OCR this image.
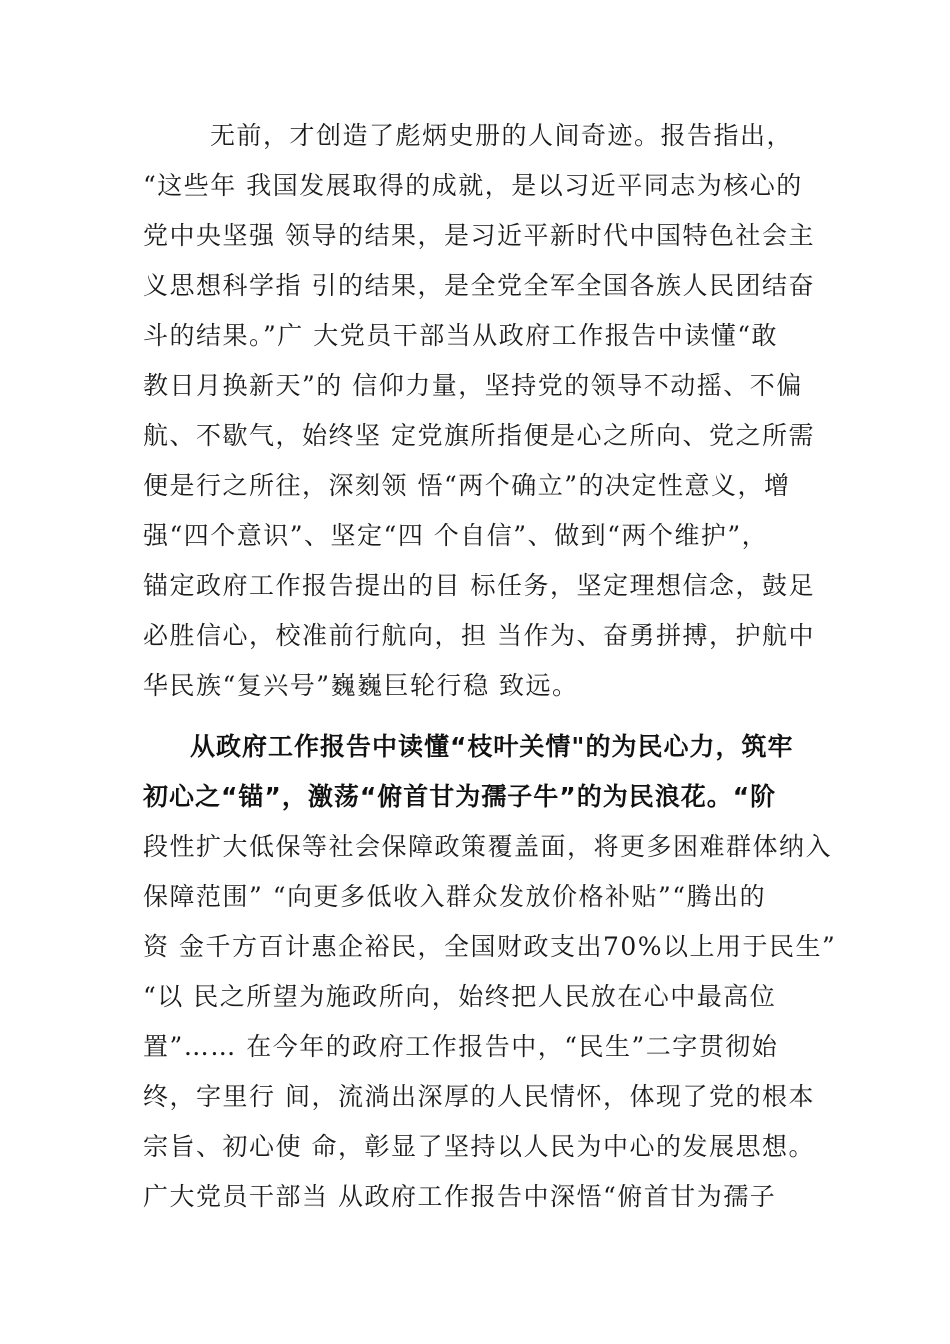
无前，才创造了彪炳史册的人间奇迹。报告指出，
“这些年 我国发展取得的成就，是以习近平同志为核心的
党中央坚强 领导的结果，是习近平新时代中国特色社会主
义思想科学指 引的结果，是全党全军全国各族人民团结奋
斗的结果。”广 大党员干部当从政府工作报告中读懂“敢
教日月换新天”的 信仰力量，坚持党的领导不动摇、不偏
航、不歇气，始终坚 定党旗所指便是心之所向、党之所需
便是行之所往，深刻领 悟“两个确立”的决定性意义，增
强“四个意识”、坚定“四 个自信”、做到“两个维护”，
锚定政府工作报告提出的目 标任务，坚定理想信念，鼓足
必胜信心，校准前行航向，担 当作为、奋勇拼搏，护航中
华民族“复兴号”巍巍巨轮行稳 致远。
从政府工作报告中读懂“枝叶关情"的为民心力，筑牢
初心之“锚”，激荡“俯首甘为孺子牛”的为民浪花。“阶
段性扩大低保等社会保障政策覆盖面，将更多困难群体纳入
保障范围” “向更多低收入群众发放价格补贴”“腾出的
资 金千方百计惠企裕民，全国财政支出70%以上用于民生”
“以 民之所望为施政所向，始终把人民放在心中最高位
置”…… 在今年的政府工作报告中，“民生”二字贯彻始
终，字里行 间，流淌出深厚的人民情怀，体现了党的根本
宗旨、初心使 命，彰显了坚持以人民为中心的发展思想。
广大党员干部当 从政府工作报告中深悟“俯首甘为孺子
